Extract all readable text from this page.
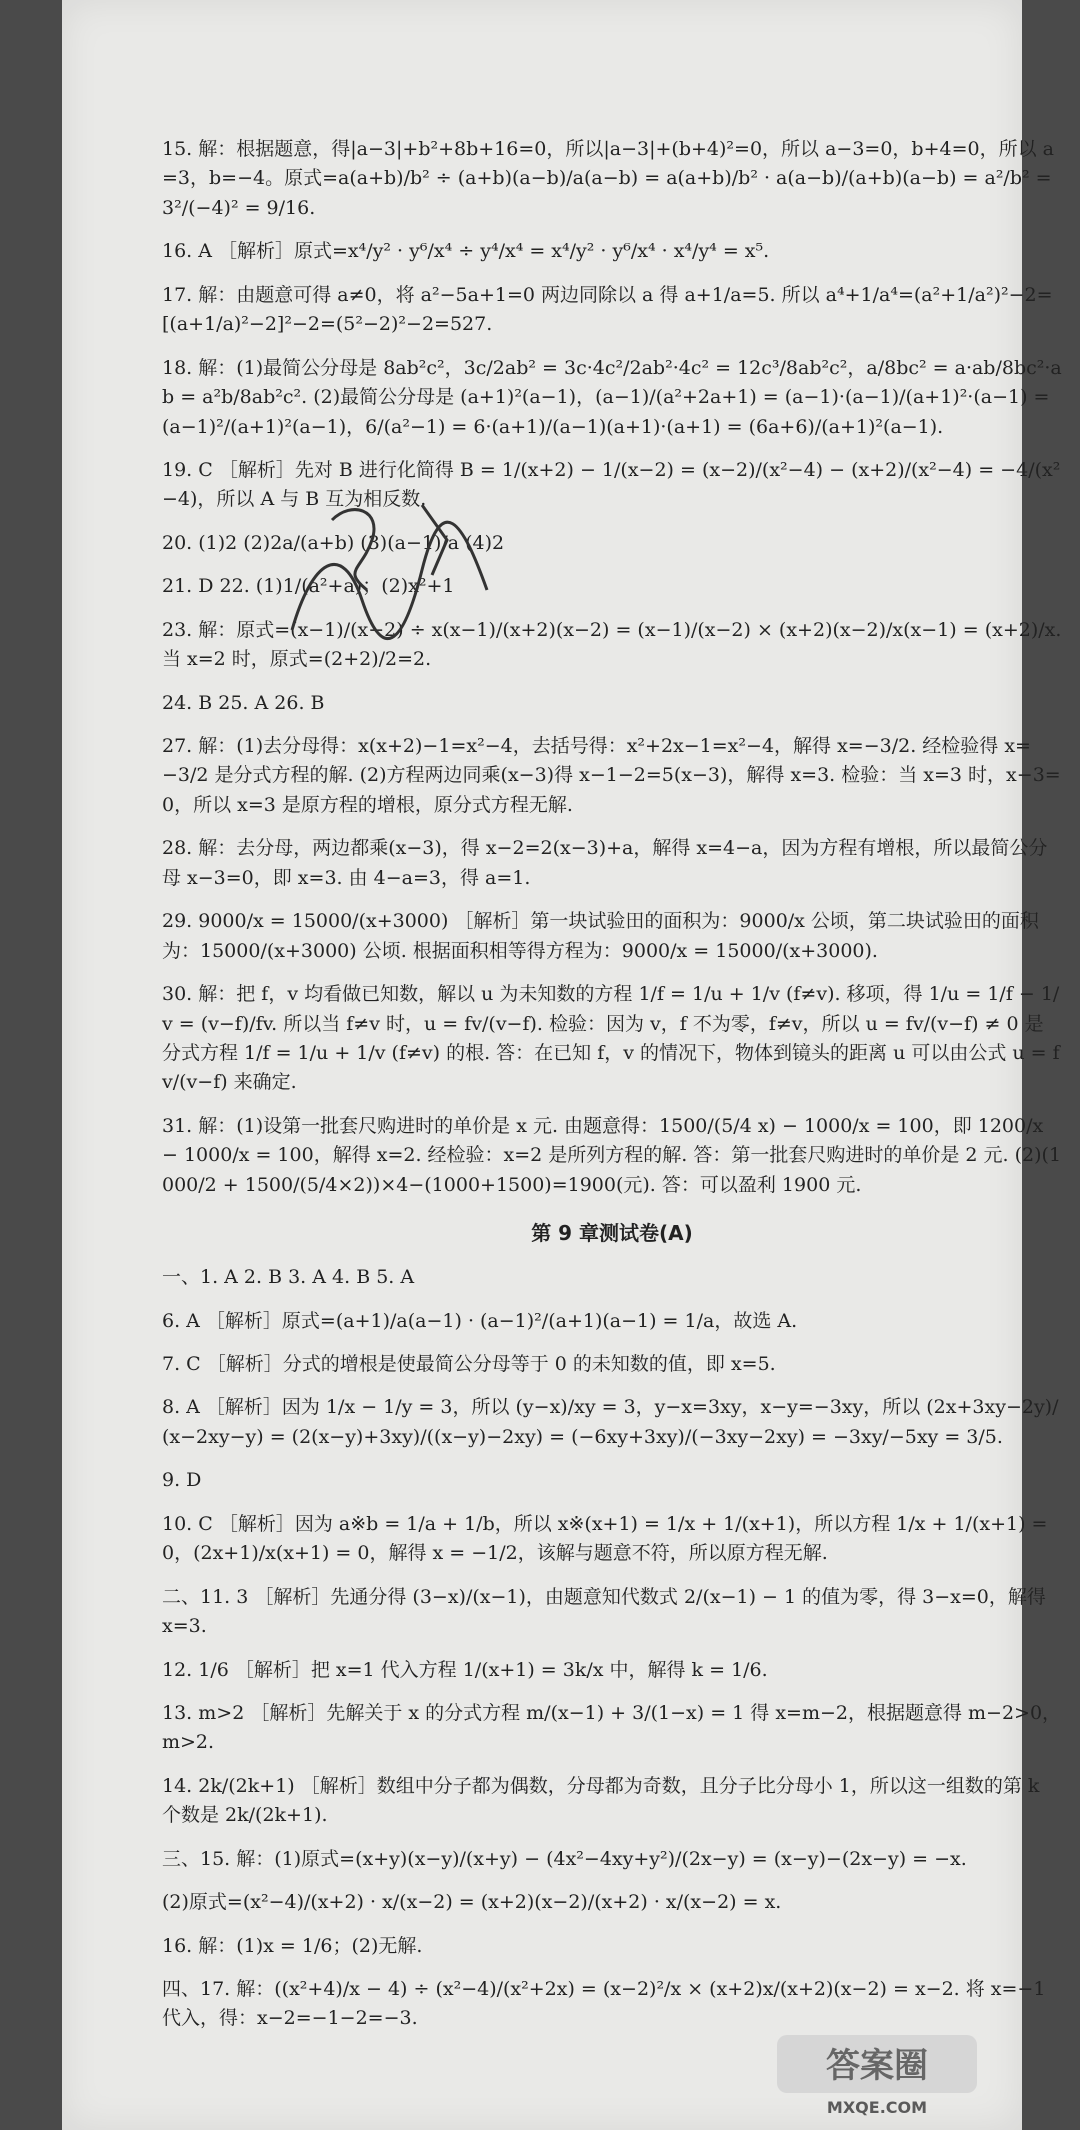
15. 解：根据题意，得|a−3|+b²+8b+16=0，所以|a−3|+(b+4)²=0，所以 a−3=0，b+4=0，所以 a=3，b=−4。原式=a(a+b)/b² ÷ (a+b)(a−b)/a(a−b) = a(a+b)/b² · a(a−b)/(a+b)(a−b) = a²/b² = 3²/(−4)² = 9/16.
16. A ［解析］原式=x⁴/y² · y⁶/x⁴ ÷ y⁴/x⁴ = x⁴/y² · y⁶/x⁴ · x⁴/y⁴ = x⁵.
17. 解：由题意可得 a≠0，将 a²−5a+1=0 两边同除以 a 得 a+1/a=5. 所以 a⁴+1/a⁴=(a²+1/a²)²−2=[(a+1/a)²−2]²−2=(5²−2)²−2=527.
18. 解：(1)最简公分母是 8ab²c²，3c/2ab² = 3c·4c²/2ab²·4c² = 12c³/8ab²c²，a/8bc² = a·ab/8bc²·ab = a²b/8ab²c². (2)最简公分母是 (a+1)²(a−1)，(a−1)/(a²+2a+1) = (a−1)·(a−1)/(a+1)²·(a−1) = (a−1)²/(a+1)²(a−1)，6/(a²−1) = 6·(a+1)/(a−1)(a+1)·(a+1) = (6a+6)/(a+1)²(a−1).
19. C ［解析］先对 B 进行化简得 B = 1/(x+2) − 1/(x−2) = (x−2)/(x²−4) − (x+2)/(x²−4) = −4/(x²−4)，所以 A 与 B 互为相反数.
20. (1)2 (2)2a/(a+b) (3)(a−1)/a (4)2
21. D 22. (1)1/(a²+a)；(2)x²+1
23. 解：原式=(x−1)/(x−2) ÷ x(x−1)/(x+2)(x−2) = (x−1)/(x−2) × (x+2)(x−2)/x(x−1) = (x+2)/x. 当 x=2 时，原式=(2+2)/2=2.
24. B 25. A 26. B
27. 解：(1)去分母得：x(x+2)−1=x²−4，去括号得：x²+2x−1=x²−4，解得 x=−3/2. 经检验得 x=−3/2 是分式方程的解. (2)方程两边同乘(x−3)得 x−1−2=5(x−3)，解得 x=3. 检验：当 x=3 时，x−3=0，所以 x=3 是原方程的增根，原分式方程无解.
28. 解：去分母，两边都乘(x−3)，得 x−2=2(x−3)+a，解得 x=4−a，因为方程有增根，所以最简公分母 x−3=0，即 x=3. 由 4−a=3，得 a=1.
29. 9000/x = 15000/(x+3000) ［解析］第一块试验田的面积为：9000/x 公顷，第二块试验田的面积为：15000/(x+3000) 公顷. 根据面积相等得方程为：9000/x = 15000/(x+3000).
30. 解：把 f，v 均看做已知数，解以 u 为未知数的方程 1/f = 1/u + 1/v (f≠v). 移项，得 1/u = 1/f − 1/v = (v−f)/fv. 所以当 f≠v 时，u = fv/(v−f). 检验：因为 v，f 不为零，f≠v，所以 u = fv/(v−f) ≠ 0 是分式方程 1/f = 1/u + 1/v (f≠v) 的根. 答：在已知 f，v 的情况下，物体到镜头的距离 u 可以由公式 u = fv/(v−f) 来确定.
31. 解：(1)设第一批套尺购进时的单价是 x 元. 由题意得：1500/(5/4 x) − 1000/x = 100，即 1200/x − 1000/x = 100，解得 x=2. 经检验：x=2 是所列方程的解. 答：第一批套尺购进时的单价是 2 元. (2)(1000/2 + 1500/(5/4×2))×4−(1000+1500)=1900(元). 答：可以盈利 1900 元.
第 9 章测试卷(A)
一、1. A 2. B 3. A 4. B 5. A
6. A ［解析］原式=(a+1)/a(a−1) · (a−1)²/(a+1)(a−1) = 1/a，故选 A.
7. C ［解析］分式的增根是使最简公分母等于 0 的未知数的值，即 x=5.
8. A ［解析］因为 1/x − 1/y = 3，所以 (y−x)/xy = 3，y−x=3xy，x−y=−3xy，所以 (2x+3xy−2y)/(x−2xy−y) = (2(x−y)+3xy)/((x−y)−2xy) = (−6xy+3xy)/(−3xy−2xy) = −3xy/−5xy = 3/5.
9. D
10. C ［解析］因为 a※b = 1/a + 1/b，所以 x※(x+1) = 1/x + 1/(x+1)，所以方程 1/x + 1/(x+1) = 0，(2x+1)/x(x+1) = 0，解得 x = −1/2，该解与题意不符，所以原方程无解.
二、11. 3 ［解析］先通分得 (3−x)/(x−1)，由题意知代数式 2/(x−1) − 1 的值为零，得 3−x=0，解得 x=3.
12. 1/6 ［解析］把 x=1 代入方程 1/(x+1) = 3k/x 中，解得 k = 1/6.
13. m>2 ［解析］先解关于 x 的分式方程 m/(x−1) + 3/(1−x) = 1 得 x=m−2，根据题意得 m−2>0，m>2.
14. 2k/(2k+1) ［解析］数组中分子都为偶数，分母都为奇数，且分子比分母小 1，所以这一组数的第 k 个数是 2k/(2k+1).
三、15. 解：(1)原式=(x+y)(x−y)/(x+y) − (4x²−4xy+y²)/(2x−y) = (x−y)−(2x−y) = −x.
(2)原式=(x²−4)/(x+2) · x/(x−2) = (x+2)(x−2)/(x+2) · x/(x−2) = x.
16. 解：(1)x = 1/6；(2)无解.
四、17. 解：((x²+4)/x − 4) ÷ (x²−4)/(x²+2x) = (x−2)²/x × (x+2)x/(x+2)(x−2) = x−2. 将 x=−1 代入，得：x−2=−1−2=−3.
答案圈
MXQE.COM
